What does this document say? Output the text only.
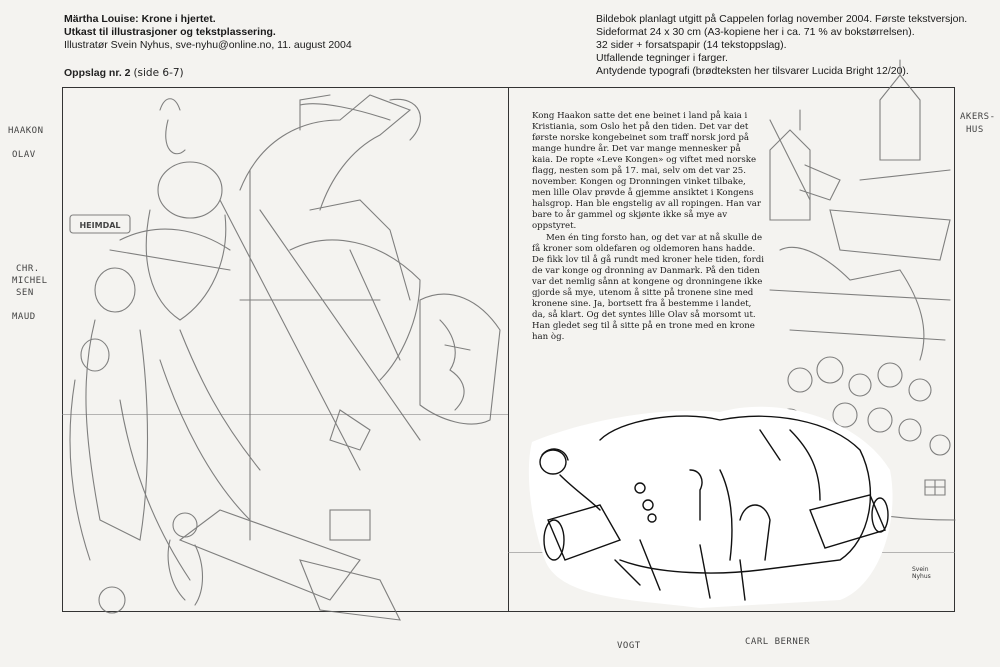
Märtha Louise: Krone i hjertet.
Utkast til illustrasjoner og tekstplassering.
Illustratør Svein Nyhus, sve-nyhu@online.no, 11. august 2004
Oppslag nr. 2 (side 6-7)
Bildebok planlagt utgitt på Cappelen forlag november 2004. Første tekstversjon.
Sideformat 24 x 30 cm (A3-kopiene her i ca. 71 % av bokstørrelsen).
32 sider + forsatspapir (14 tekstoppslag).
Utfallende tegninger i farger.
Antydende typografi (brødteksten her tilsvarer Lucida Bright 12/20).
HEIMDAL

Kong Haakon satte det ene beinet i land på kaia i Kristiania, som Oslo het på den tiden. Det var det første norske kongebeinet som traff norsk jord på mange hundre år. Det var mange mennesker på kaia. De ropte «Leve Kongen» og viftet med norske flagg, nesten som på 17. mai, selv om det var 25. november. Kongen og Dronningen vinket tilbake, men lille Olav prøvde å gjemme ansiktet i Kongens halsgrop. Han ble engstelig av all ropingen. Han var bare to år gammel og skjønte ikke så mye av oppstyret.

Men én ting forsto han, og det var at nå skulle de få kroner som oldefaren og oldemoren hans hadde. De fikk lov til å gå rundt med kroner hele tiden, fordi de var konge og dronning av Danmark. På den tiden var det nemlig sånn at kongene og dronningene ikke gjorde så mye, utenom å sitte på tronene sine med kronene sine. Ja, bortsett fra å bestemme i landet, da, så klart. Og det syntes lille Olav så morsomt ut. Han gledet seg til å sitte på en trone med en krone han òg.

HAAKON
OLAV
CHR.
MICHEL
SEN
MAUD
AKERS-
HUS
VOGT	CARL BERNER
Svein
Nyhus
